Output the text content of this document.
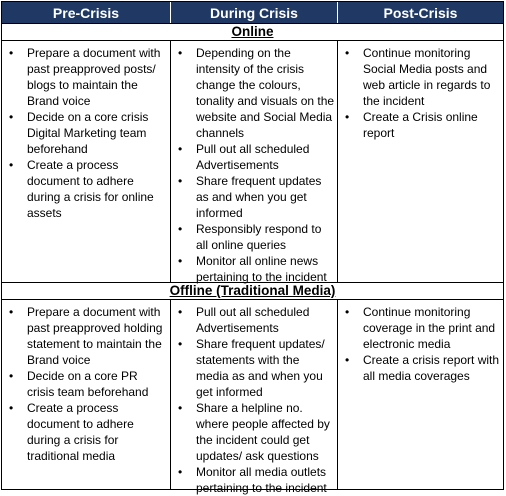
Pre-Crisis	During Crisis	Post-Crisis
Online
• Prepare a document with past preapproved posts/ blogs to maintain the Brand voice
• Decide on a core crisis Digital Marketing team beforehand
• Create a process document to adhere during a crisis for online assets
• Depending on the intensity of the crisis change the colours, tonality and visuals on the website and Social Media channels
• Pull out all scheduled Advertisements
• Share frequent updates as and when you get informed
• Responsibly respond to all online queries
• Monitor all online news pertaining to the incident
• Continue monitoring Social Media posts and web article in regards to the incident
• Create a Crisis online report
Offline (Traditional Media)
• Prepare a document with past preapproved holding statement to maintain the Brand voice
• Decide on a core PR crisis team beforehand
• Create a process document to adhere during a crisis for traditional media
• Pull out all scheduled Advertisements
• Share frequent updates/ statements with the media as and when you get informed
• Share a helpline no. where people affected by the incident could get updates/ ask questions
• Monitor all media outlets pertaining to the incident
• Continue monitoring coverage in the print and electronic media
• Create a crisis report with all media coverages
